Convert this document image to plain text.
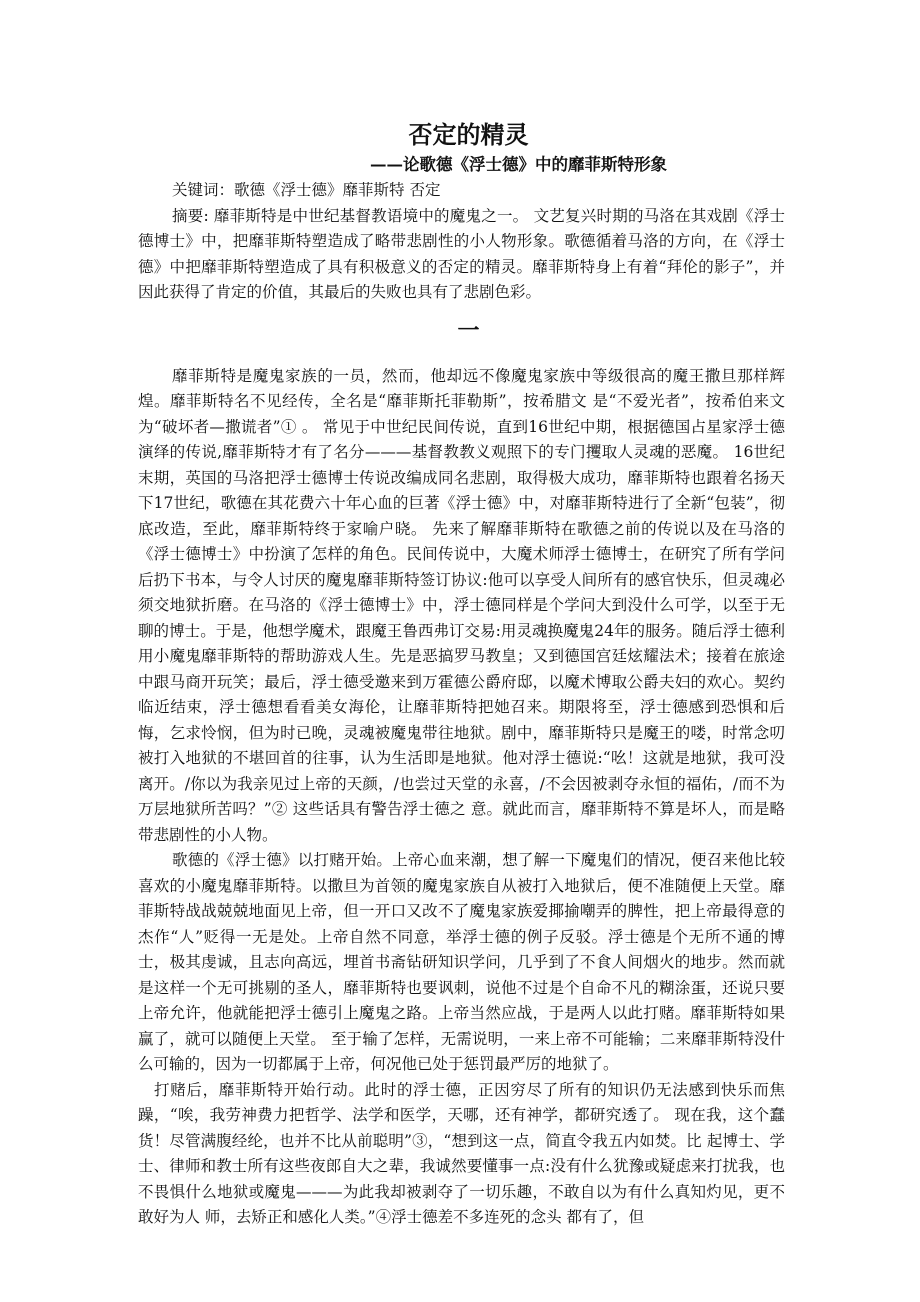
否定的精灵
——论歌德《浮士德》中的靡菲斯特形象

关键词：歌德《浮士德》靡菲斯特 否定

摘要: 靡菲斯特是中世纪基督教语境中的魔鬼之一。 文艺复兴时期的马洛在其戏剧《浮士德博士》中，把靡菲斯特塑造成了略带悲剧性的小人物形象。歌德循着马洛的方向，在《浮士德》中把靡菲斯特塑造成了具有积极意义的否定的精灵。靡菲斯特身上有着“拜伦的影子”，并因此获得了肯定的价值，其最后的失败也具有了悲剧色彩。

一

靡菲斯特是魔鬼家族的一员，然而，他却远不像魔鬼家族中等级很高的魔王撒旦那样辉煌。靡菲斯特名不见经传，全名是“靡菲斯托菲勒斯”，按希腊文 是“不爱光者”，按希伯来文为“破坏者—撒谎者”① 。 常见于中世纪民间传说，直到16世纪中期，根据德国占星家浮士德演绎的传说,靡菲斯特才有了名分———基督教教义观照下的专门攫取人灵魂的恶魔。 16世纪末期，英国的马洛把浮士德博士传说改编成同名悲剧，取得极大成功，靡菲斯特也跟着名扬天下17世纪，歌德在其花费六十年心血的巨著《浮士德》中，对靡菲斯特进行了全新“包装”，彻底改造，至此，靡菲斯特终于家喻户晓。 先来了解靡菲斯特在歌德之前的传说以及在马洛的《浮士德博士》中扮演了怎样的角色。民间传说中，大魔术师浮士德博士，在研究了所有学问后扔下书本，与令人讨厌的魔鬼靡菲斯特签订协议:他可以享受人间所有的感官快乐，但灵魂必须交地狱折磨。在马洛的《浮士德博士》中，浮士德同样是个学问大到没什么可学，以至于无聊的博士。于是，他想学魔术，跟魔王鲁西弗订交易:用灵魂换魔鬼24年的服务。随后浮士德利用小魔鬼靡菲斯特的帮助游戏人生。先是恶搞罗马教皇；又到德国宫廷炫耀法术；接着在旅途中跟马商开玩笑；最后，浮士德受邀来到万霍德公爵府邸，以魔术博取公爵夫妇的欢心。契约临近结束，浮士德想看看美女海伦，让靡菲斯特把她召来。期限将至，浮士德感到恐惧和后悔，乞求怜悯，但为时已晚，灵魂被魔鬼带往地狱。剧中，靡菲斯特只是魔王的喽，时常念叨被打入地狱的不堪回首的往事，认为生活即是地狱。他对浮士德说:“吆！这就是地狱，我可没离开。/你以为我亲见过上帝的天颜，/也尝过天堂的永喜，/不会因被剥夺永恒的福佑，/而不为万层地狱所苦吗？”② 这些话具有警告浮士德之 意。就此而言，靡菲斯特不算是坏人，而是略带悲剧性的小人物。

歌德的《浮士德》以打赌开始。上帝心血来潮，想了解一下魔鬼们的情况，便召来他比较喜欢的小魔鬼靡菲斯特。以撒旦为首领的魔鬼家族自从被打入地狱后，便不准随便上天堂。靡菲斯特战战兢兢地面见上帝，但一开口又改不了魔鬼家族爱揶揄嘲弄的脾性，把上帝最得意的杰作“人”贬得一无是处。上帝自然不同意，举浮士德的例子反驳。浮士德是个无所不通的博士，极其虔诚，且志向高远，埋首书斋钻研知识学问，几乎到了不食人间烟火的地步。然而就是这样一个无可挑剔的圣人，靡菲斯特也要讽刺，说他不过是个自命不凡的糊涂蛋，还说只要上帝允许，他就能把浮士德引上魔鬼之路。上帝当然应战，于是两人以此打赌。靡菲斯特如果赢了，就可以随便上天堂。 至于输了怎样，无需说明，一来上帝不可能输；二来靡菲斯特没什么可输的，因为一切都属于上帝，何况他已处于惩罚最严厉的地狱了。

打赌后，靡菲斯特开始行动。此时的浮士德，正因穷尽了所有的知识仍无法感到快乐而焦躁，“唉，我劳神费力把哲学、法学和医学，天哪，还有神学，都研究透了。 现在我，这个蠢货！尽管满腹经纶，也并不比从前聪明”③，“想到这一点，简直令我五内如焚。比 起博士、学士、律师和教士所有这些夜郎自大之辈，我诚然要懂事一点:没有什么犹豫或疑虑来打扰我，也不畏惧什么地狱或魔鬼———为此我却被剥夺了一切乐趣，不敢自以为有什么真知灼见，更不敢好为人 师，去矫正和感化人类。”④浮士德差不多连死的念头 都有了，但
